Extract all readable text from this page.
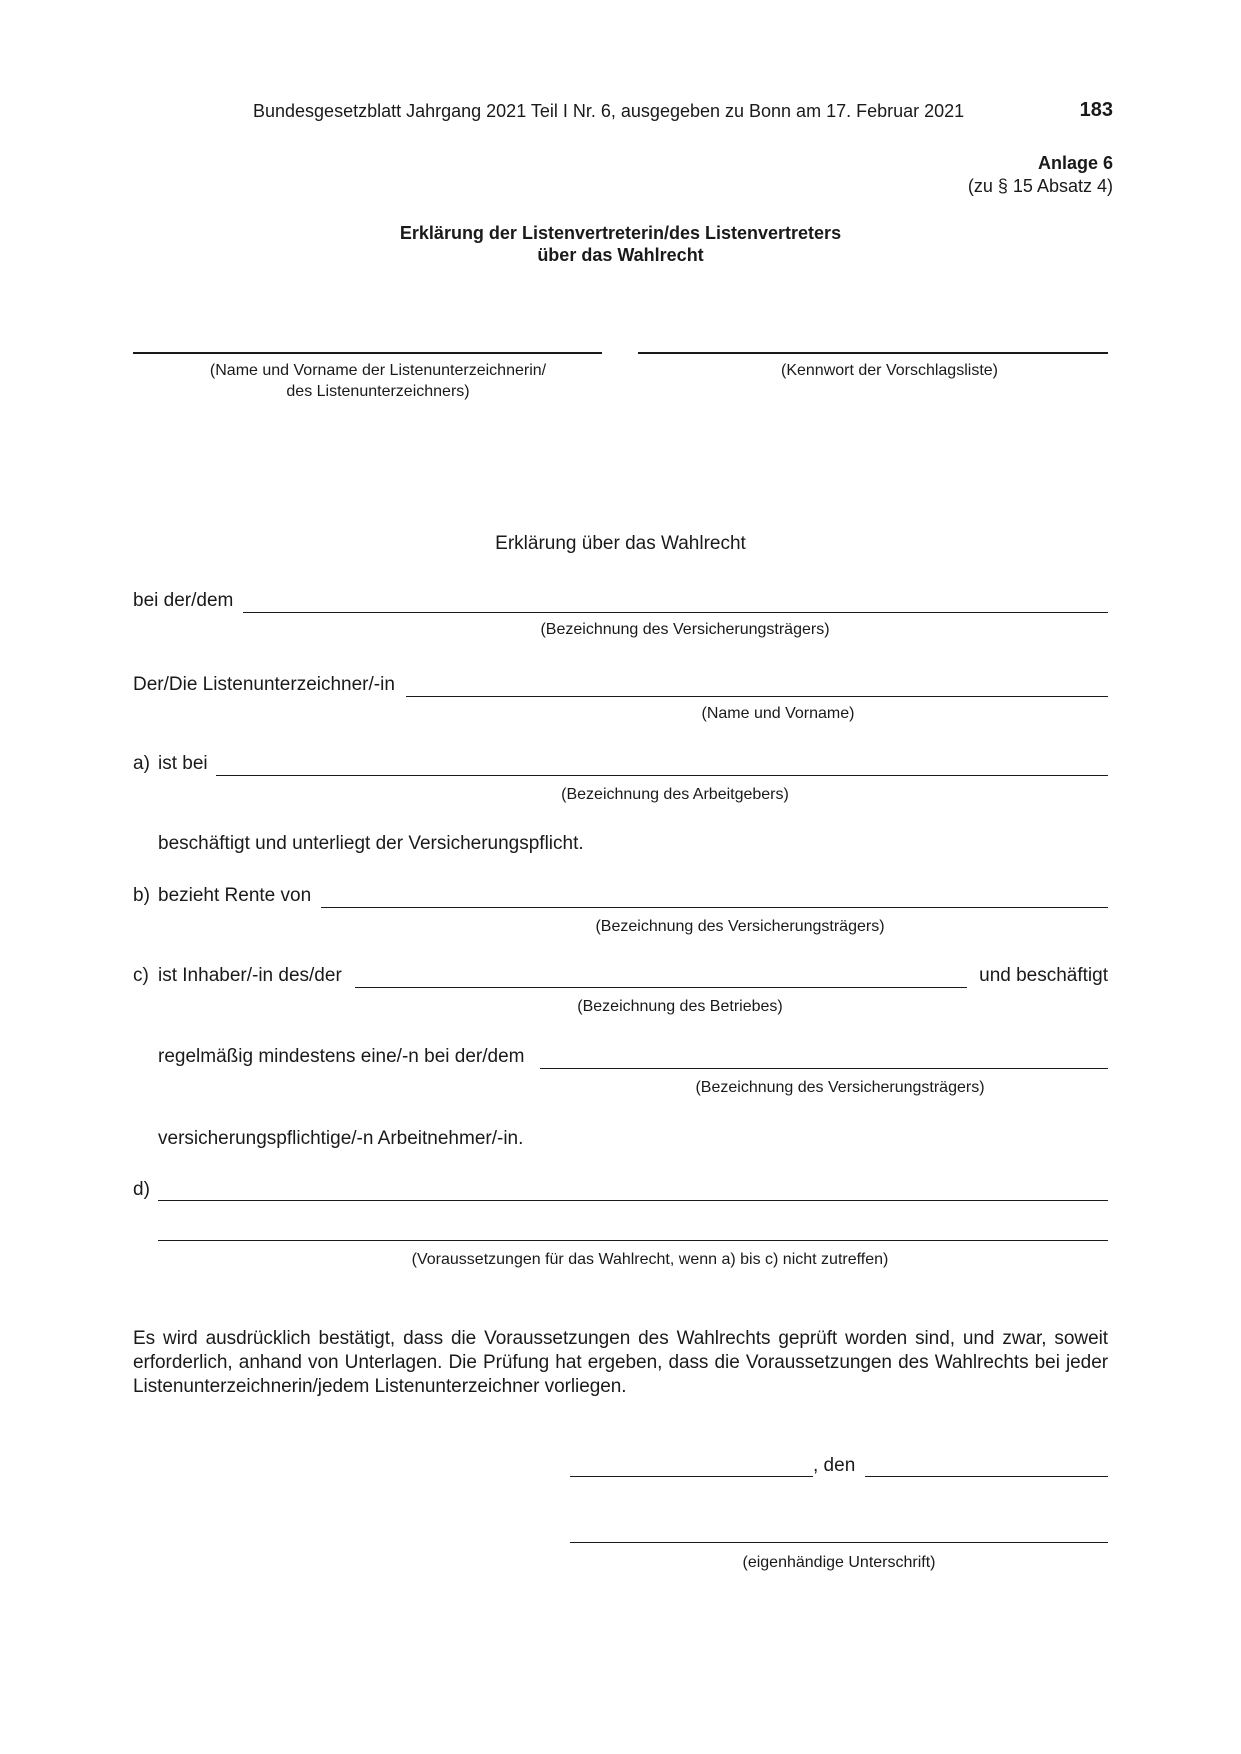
Bundesgesetzblatt Jahrgang 2021 Teil I Nr. 6, ausgegeben zu Bonn am 17. Februar 2021	183
Anlage 6
(zu § 15 Absatz 4)
Erklärung der Listenvertreterin/des Listenvertreters
über das Wahlrecht
(Name und Vorname der Listenunterzeichnerin/
des Listenunterzeichners)
(Kennwort der Vorschlagsliste)
Erklärung über das Wahlrecht
bei der/dem
(Bezeichnung des Versicherungsträgers)
Der/Die Listenunterzeichner/-in
(Name und Vorname)
a) ist bei
(Bezeichnung des Arbeitgebers)
beschäftigt und unterliegt der Versicherungspflicht.
b) bezieht Rente von
(Bezeichnung des Versicherungsträgers)
c) ist Inhaber/-in des/der	und beschäftigt
(Bezeichnung des Betriebes)
regelmäßig mindestens eine/-n bei der/dem
(Bezeichnung des Versicherungsträgers)
versicherungspflichtige/-n Arbeitnehmer/-in.
d)
(Voraussetzungen für das Wahlrecht, wenn a) bis c) nicht zutreffen)
Es wird ausdrücklich bestätigt, dass die Voraussetzungen des Wahlrechts geprüft worden sind, und zwar, soweit erforderlich, anhand von Unterlagen. Die Prüfung hat ergeben, dass die Voraussetzungen des Wahlrechts bei jeder Listenunterzeichnerin/jedem Listenunterzeichner vorliegen.
, den
(eigenhändige Unterschrift)
